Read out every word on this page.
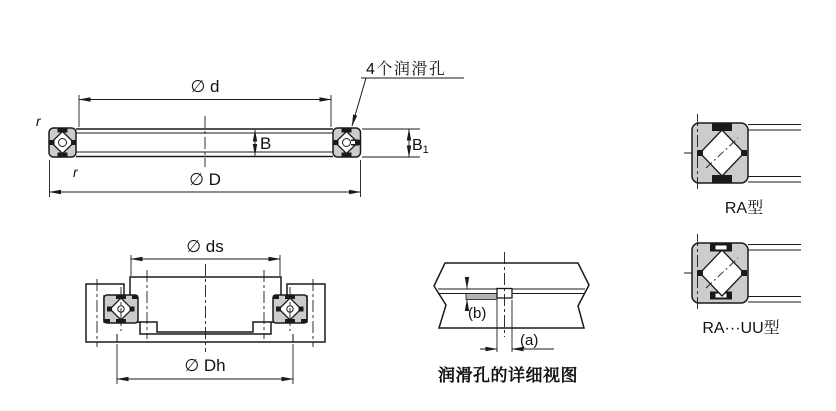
∅ d
∅ D
B	B1
r
r
4个润滑孔
∅ ds
∅ Dh
(b)
(a)
润滑孔的详细视图
RA型
RA···UU型
